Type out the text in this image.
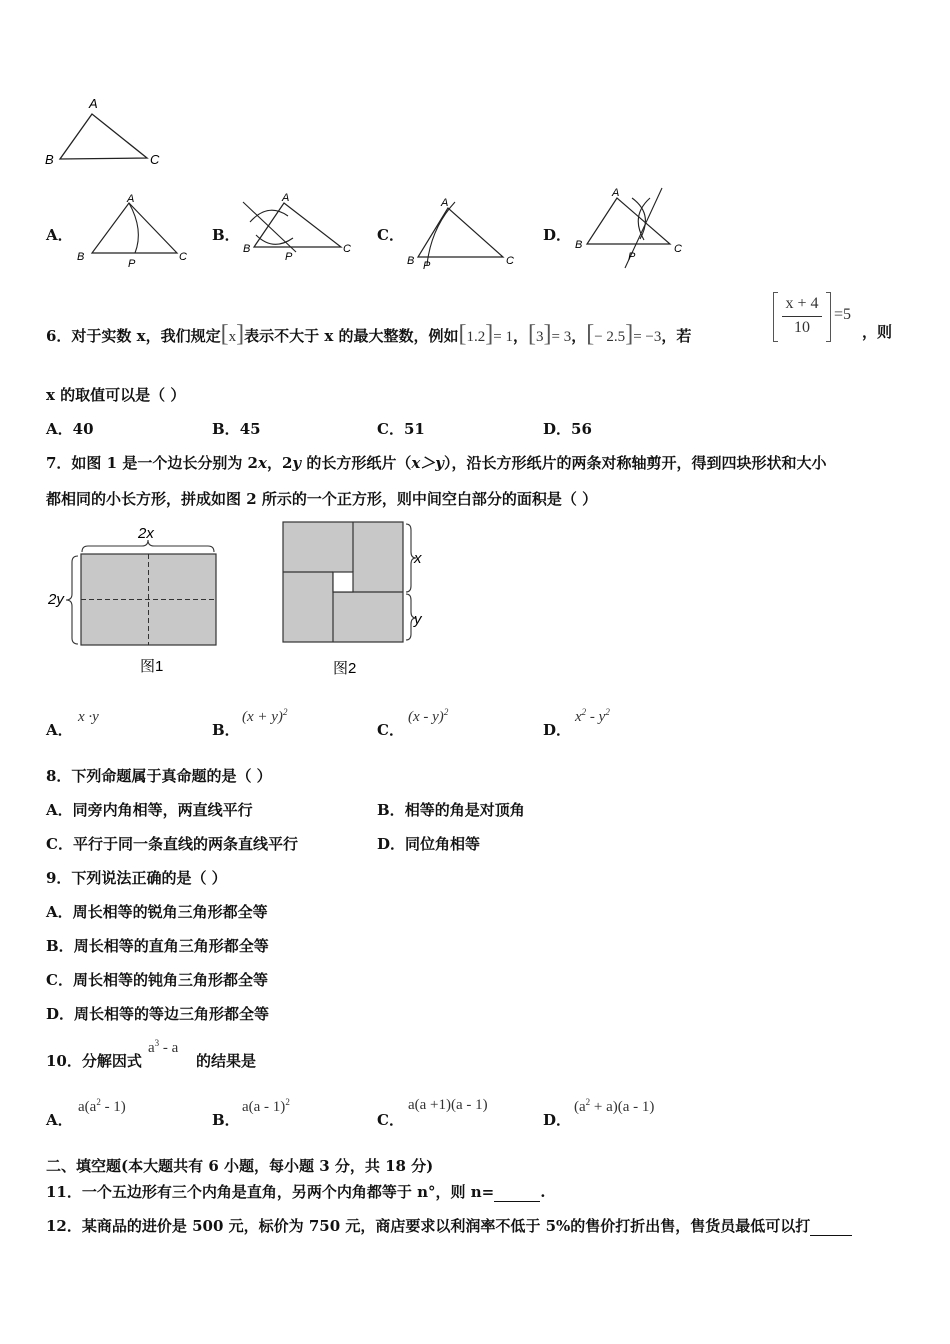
A
B	C
A．
A
B	C
P
B．
A
B	C
P
C．
A
B	C
P
D．
A
B	C
P
6．对于实数 x，我们规定[x]表示不大于 x 的最大整数，例如[1.2]= 1，[3]= 3，[− 2.5]= −3，若
x + 4
10
=5
，则
x 的取值可以是（ ）
A．40	B．45	C．51	D．56
7．如图 1 是一个边长分别为 2x，2y 的长方形纸片（x＞y），沿长方形纸片的两条对称轴剪开，得到四块形状和大小
都相同的小长方形，拼成如图 2 所示的一个正方形，则中间空白部分的面积是（ ）
2x
2y
图1
x
y
图2
A．
x ·y
B．
$(x + y)^2$
C．
(x - y)$^2$
D．
$x^2 - y^2$
8．下列命题属于真命题的是（ ）
A．同旁内角相等，两直线平行	B．相等的角是对顶角
C．平行于同一条直线的两条直线平行	D．同位角相等
9．下列说法正确的是（ ）
A．周长相等的锐角三角形都全等
B．周长相等的直角三角形都全等
C．周长相等的钝角三角形都全等
D．周长相等的等边三角形都全等
10．分解因式
$a^3$ - a
的结果是
A．
$a(a^2 - 1)$
B．
a(a - 1)$^2$
C．
a(a +1)(a - 1)
D．
$(a^2 + a)(a - 1)$
二、填空题(本大题共有 6 小题，每小题 3 分，共 18 分)
11．一个五边形有三个内角是直角，另两个内角都等于 n°，则 n=	.
12．某商品的进价是 500 元，标价为 750 元，商店要求以利润率不低于 5%的售价打折出售，售货员最低可以打
